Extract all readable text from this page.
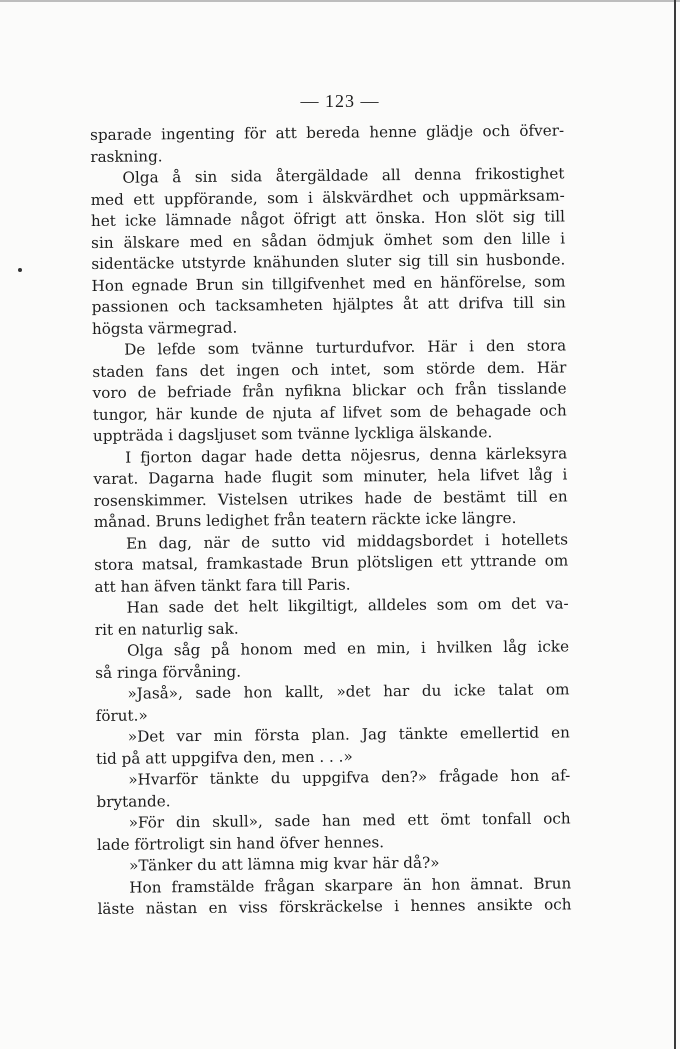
— 123 —
sparade ingenting för att bereda henne glädje och öfver-
raskning.
Olga å sin sida återgäldade all denna frikostighet
med ett uppförande, som i älskvärdhet och uppmärksam-
het icke lämnade något öfrigt att önska. Hon slöt sig till
sin älskare med en sådan ödmjuk ömhet som den lille i
sidentäcke utstyrde knähunden sluter sig till sin husbonde.
Hon egnade Brun sin tillgifvenhet med en hänförelse, som
passionen och tacksamheten hjälptes åt att drifva till sin
högsta värmegrad.
De lefde som tvänne turturdufvor. Här i den stora
staden fans det ingen och intet, som störde dem. Här
voro de befriade från nyfikna blickar och från tisslande
tungor, här kunde de njuta af lifvet som de behagade och
uppträda i dagsljuset som tvänne lyckliga älskande.
I fjorton dagar hade detta nöjesrus, denna kärleksyra
varat. Dagarna hade flugit som minuter, hela lifvet låg i
rosenskimmer. Vistelsen utrikes hade de bestämt till en
månad. Bruns ledighet från teatern räckte icke längre.
En dag, när de sutto vid middagsbordet i hotellets
stora matsal, framkastade Brun plötsligen ett yttrande om
att han äfven tänkt fara till Paris.
Han sade det helt likgiltigt, alldeles som om det va-
rit en naturlig sak.
Olga såg på honom med en min, i hvilken låg icke
så ringa förvåning.
»Jaså», sade hon kallt, »det har du icke talat om
förut.»
»Det var min första plan. Jag tänkte emellertid en
tid på att uppgifva den, men . . .»
»Hvarför tänkte du uppgifva den?» frågade hon af-
brytande.
»För din skull», sade han med ett ömt tonfall och
lade förtroligt sin hand öfver hennes.
»Tänker du att lämna mig kvar här då?»
Hon framstälde frågan skarpare än hon ämnat. Brun
läste nästan en viss förskräckelse i hennes ansikte och
